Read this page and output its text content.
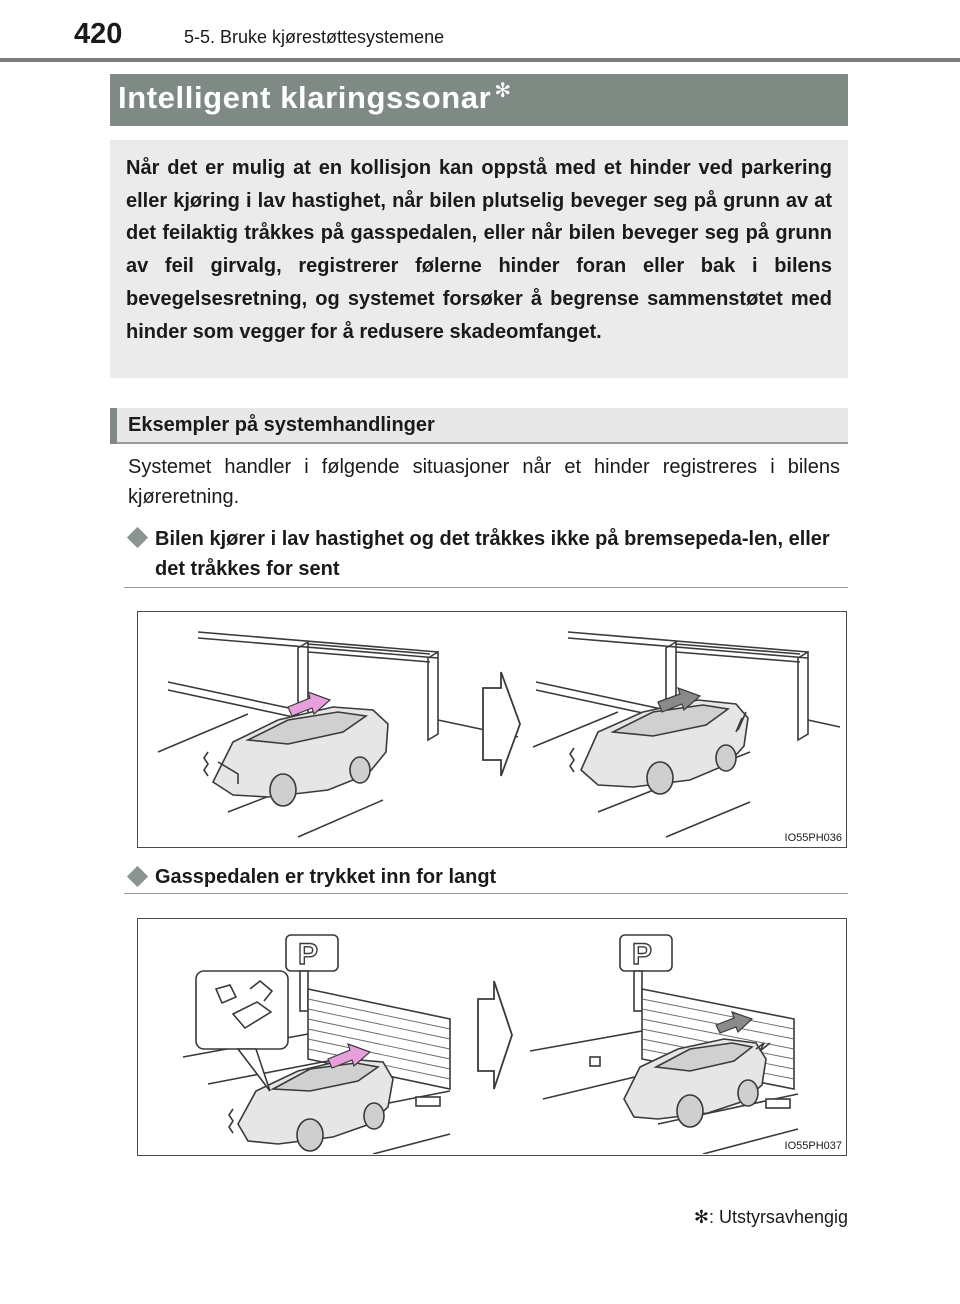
420	5-5. Bruke kjørestøttesystemene
Intelligent klaringssonar ✻

Når det er mulig at en kollisjon kan oppstå med et hinder ved parkering eller kjøring i lav hastighet, når bilen plutselig beveger seg på grunn av at det feilaktig tråkkes på gasspedalen, eller når bilen beveger seg på grunn av feil girvalg, registrerer følerne hinder foran eller bak i bilens bevegelsesretning, og systemet forsøker å begrense sammenstøtet med hinder som vegger for å redusere skadeomfanget.

Eksempler på systemhandlinger

Systemet handler i følgende situasjoner når et hinder registreres i bilens kjøreretning.

Bilen kjører i lav hastighet og det tråkkes ikke på bremsepeda-len, eller det tråkkes for sent

IO55PH036

Gasspedalen er trykket inn for langt

P	P
IO55PH037
✻: Utstyrsavhengig
